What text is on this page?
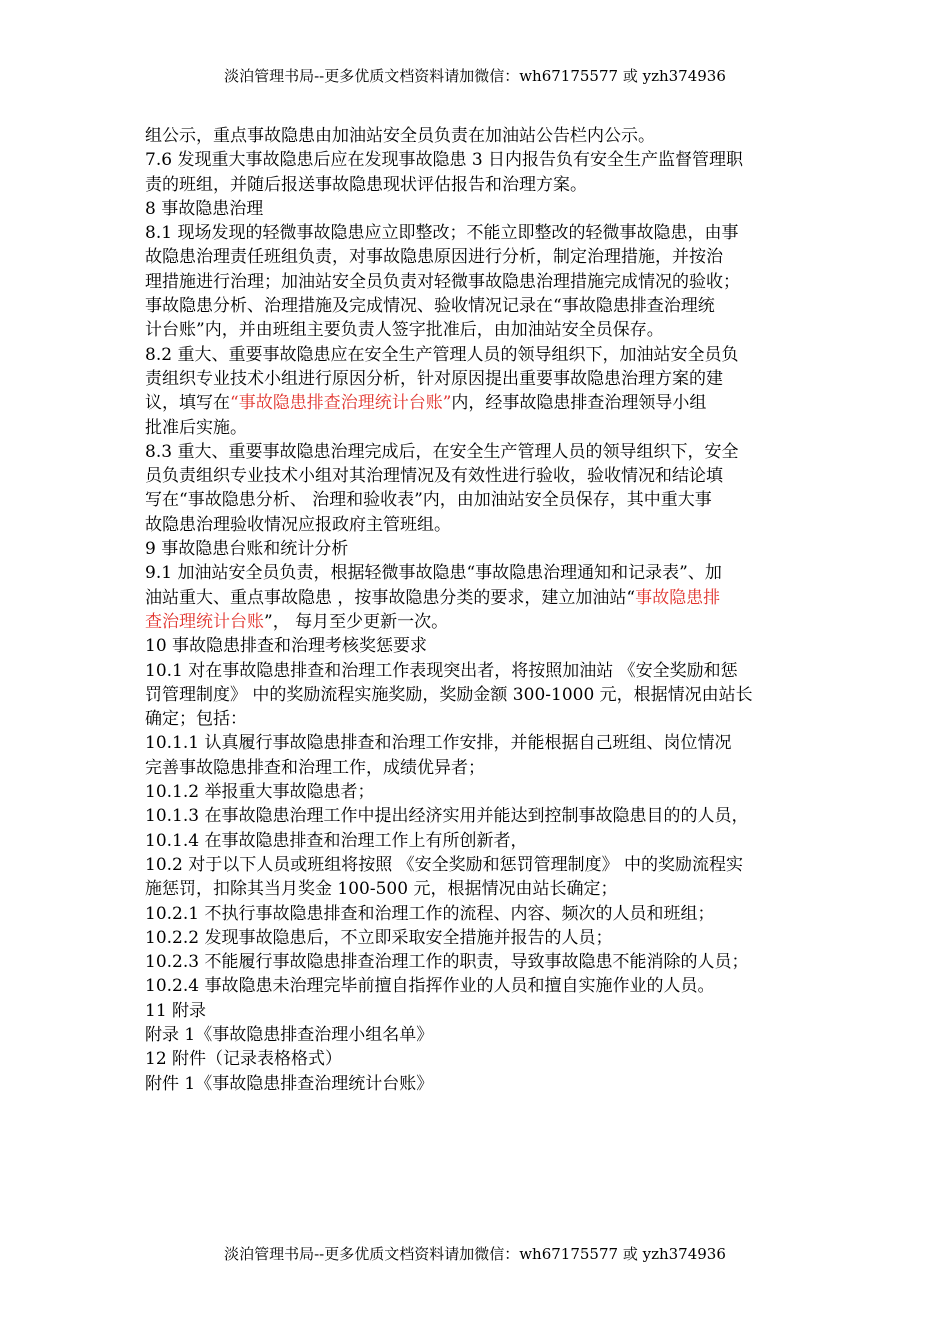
淡泊管理书局--更多优质文档资料请加微信：wh67175577 或 yzh374936
组公示，重点事故隐患由加油站安全员负责在加油站公告栏内公示。
7.6 发现重大事故隐患后应在发现事故隐患 3 日内报告负有安全生产监督管理职
责的班组，并随后报送事故隐患现状评估报告和治理方案。
8 事故隐患治理
8.1 现场发现的轻微事故隐患应立即整改；不能立即整改的轻微事故隐患，由事
故隐患治理责任班组负责，对事故隐患原因进行分析，制定治理措施，并按治
理措施进行治理；加油站安全员负责对轻微事故隐患治理措施完成情况的验收；
事故隐患分析、治理措施及完成情况、验收情况记录在“事故隐患排查治理统
计台账”内，并由班组主要负责人签字批准后，由加油站安全员保存。
8.2 重大、重要事故隐患应在安全生产管理人员的领导组织下，加油站安全员负
责组织专业技术小组进行原因分析，针对原因提出重要事故隐患治理方案的建
议，填写在“事故隐患排查治理统计台账”内，经事故隐患排查治理领导小组
批准后实施。
8.3 重大、重要事故隐患治理完成后，在安全生产管理人员的领导组织下，安全
员负责组织专业技术小组对其治理情况及有效性进行验收，验收情况和结论填
写在“事故隐患分析、 治理和验收表”内，由加油站安全员保存，其中重大事
故隐患治理验收情况应报政府主管班组。
9 事故隐患台账和统计分析
9.1 加油站安全员负责，根据轻微事故隐患“事故隐患治理通知和记录表”、加
油站重大、重点事故隐患 ，按事故隐患分类的要求，建立加油站“事故隐患排
查治理统计台账”， 每月至少更新一次。
10 事故隐患排查和治理考核奖惩要求
10.1 对在事故隐患排查和治理工作表现突出者，将按照加油站 《安全奖励和惩
罚管理制度》 中的奖励流程实施奖励，奖励金额 300-1000 元，根据情况由站长
确定；包括：
10.1.1 认真履行事故隐患排查和治理工作安排，并能根据自己班组、岗位情况
完善事故隐患排查和治理工作，成绩优异者；
10.1.2 举报重大事故隐患者；
10.1.3 在事故隐患治理工作中提出经济实用并能达到控制事故隐患目的的人员，
10.1.4 在事故隐患排查和治理工作上有所创新者，
10.2 对于以下人员或班组将按照 《安全奖励和惩罚管理制度》 中的奖励流程实
施惩罚，扣除其当月奖金 100-500 元，根据情况由站长确定；
10.2.1 不执行事故隐患排查和治理工作的流程、内容、频次的人员和班组；
10.2.2 发现事故隐患后，不立即采取安全措施并报告的人员；
10.2.3 不能履行事故隐患排查治理工作的职责，导致事故隐患不能消除的人员；
10.2.4 事故隐患未治理完毕前擅自指挥作业的人员和擅自实施作业的人员。
11 附录
附录 1《事故隐患排查治理小组名单》
12 附件（记录表格格式）
附件 1《事故隐患排查治理统计台账》
淡泊管理书局--更多优质文档资料请加微信：wh67175577 或 yzh374936
